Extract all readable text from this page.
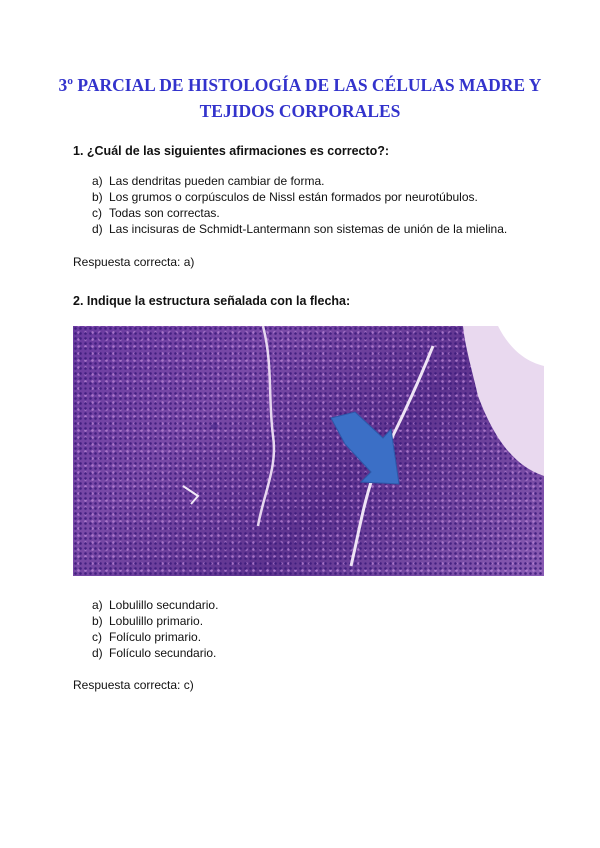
3º PARCIAL DE HISTOLOGÍA DE LAS CÉLULAS MADRE Y
TEJIDOS CORPORALES
1. ¿Cuál de las siguientes afirmaciones es correcto?:
a) Las dendritas pueden cambiar de forma.
b) Los grumos o corpúsculos de Nissl están formados por neurotúbulos.
c) Todas son correctas.
d) Las incisuras de Schmidt-Lantermann son sistemas de unión de la mielina.
Respuesta correcta: a)
2. Indique la estructura señalada con la flecha:
a) Lobulillo secundario.
b) Lobulillo primario.
c) Folículo primario.
d) Folículo secundario.
Respuesta correcta: c)
